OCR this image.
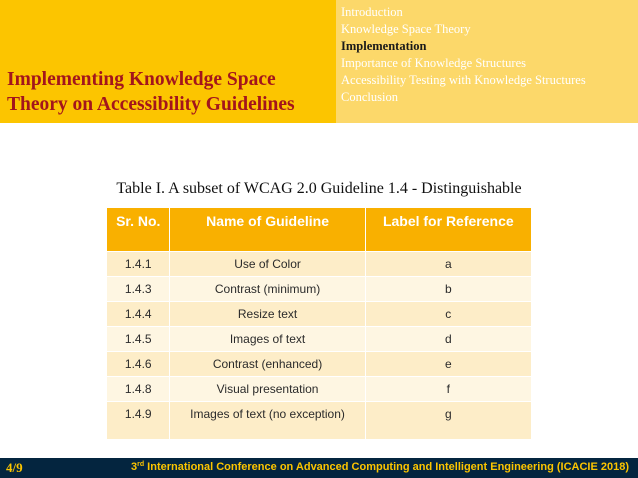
Implementing Knowledge Space Theory on Accessibility Guidelines
Introduction
Knowledge Space Theory
Implementation
Importance of Knowledge Structures
Accessibility Testing with Knowledge Structures
Conclusion
Table I. A subset of WCAG 2.0 Guideline 1.4 - Distinguishable
Sr. No.	Name of Guideline	Label for Reference
1.4.1	Use of Color	a
1.4.3	Contrast (minimum)	b
1.4.4	Resize text	c
1.4.5	Images of text	d
1.4.6	Contrast (enhanced)	e
1.4.8	Visual presentation	f
1.4.9	Images of text (no exception)	g
4/9	3rd International Conference on Advanced Computing and Intelligent Engineering (ICACIE 2018)
